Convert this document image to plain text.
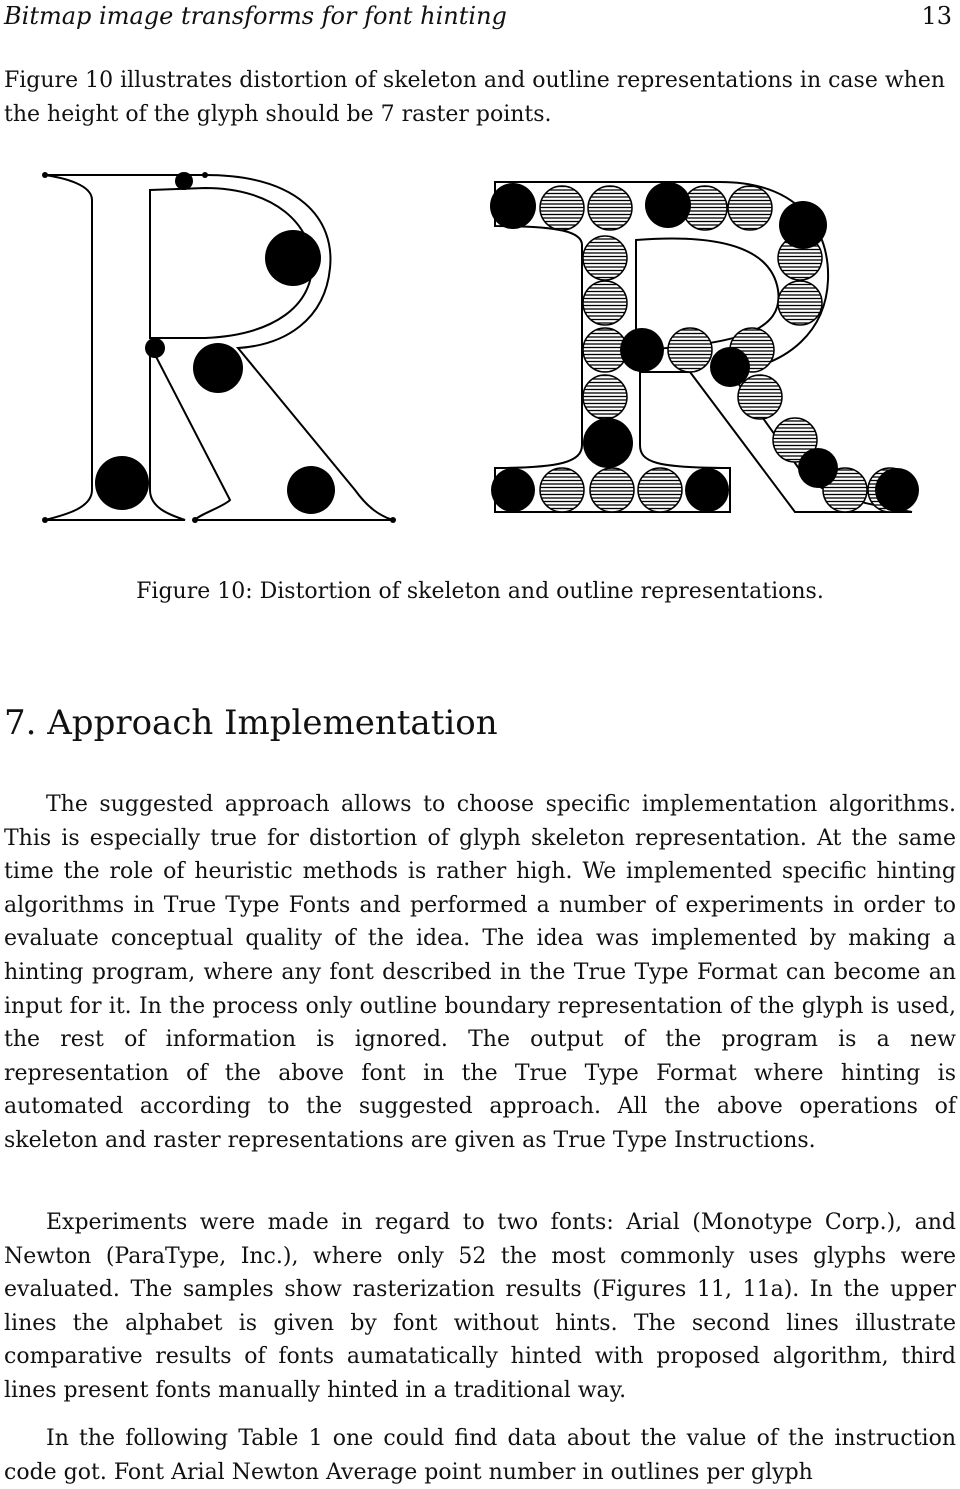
Bitmap image transforms for font hinting	13

Figure 10 illustrates distortion of skeleton and outline representations in case when the height of the glyph should be 7 raster points.

Figure 10: Distortion of skeleton and outline representations.

7. Approach Implementation

The suggested approach allows to choose specific implementation algorithms. This is especially true for distortion of glyph skeleton representation. At the same time the role of heuristic methods is rather high. We implemented specific hinting algorithms in True Type Fonts and performed a number of experiments in order to evaluate conceptual quality of the idea. The idea was implemented by making a hinting program, where any font described in the True Type Format can become an input for it. In the process only outline boundary representation of the glyph is used, the rest of information is ignored. The output of the program is a new representation of the above font in the True Type Format where hinting is automated according to the suggested approach. All the above operations of skeleton and raster representations are given as True Type Instructions.

Experiments were made in regard to two fonts: Arial (Monotype Corp.), and Newton (ParaType, Inc.), where only 52 the most commonly uses glyphs were evaluated. The samples show rasterization results (Figures 11, 11a). In the upper lines the alphabet is given by font without hints. The second lines illustrate comparative results of fonts aumatatically hinted with proposed algorithm, third lines present fonts manually hinted in a traditional way.

In the following Table 1 one could find data about the value of the instruction code got. Font Arial Newton Average point number in outlines per glyph
